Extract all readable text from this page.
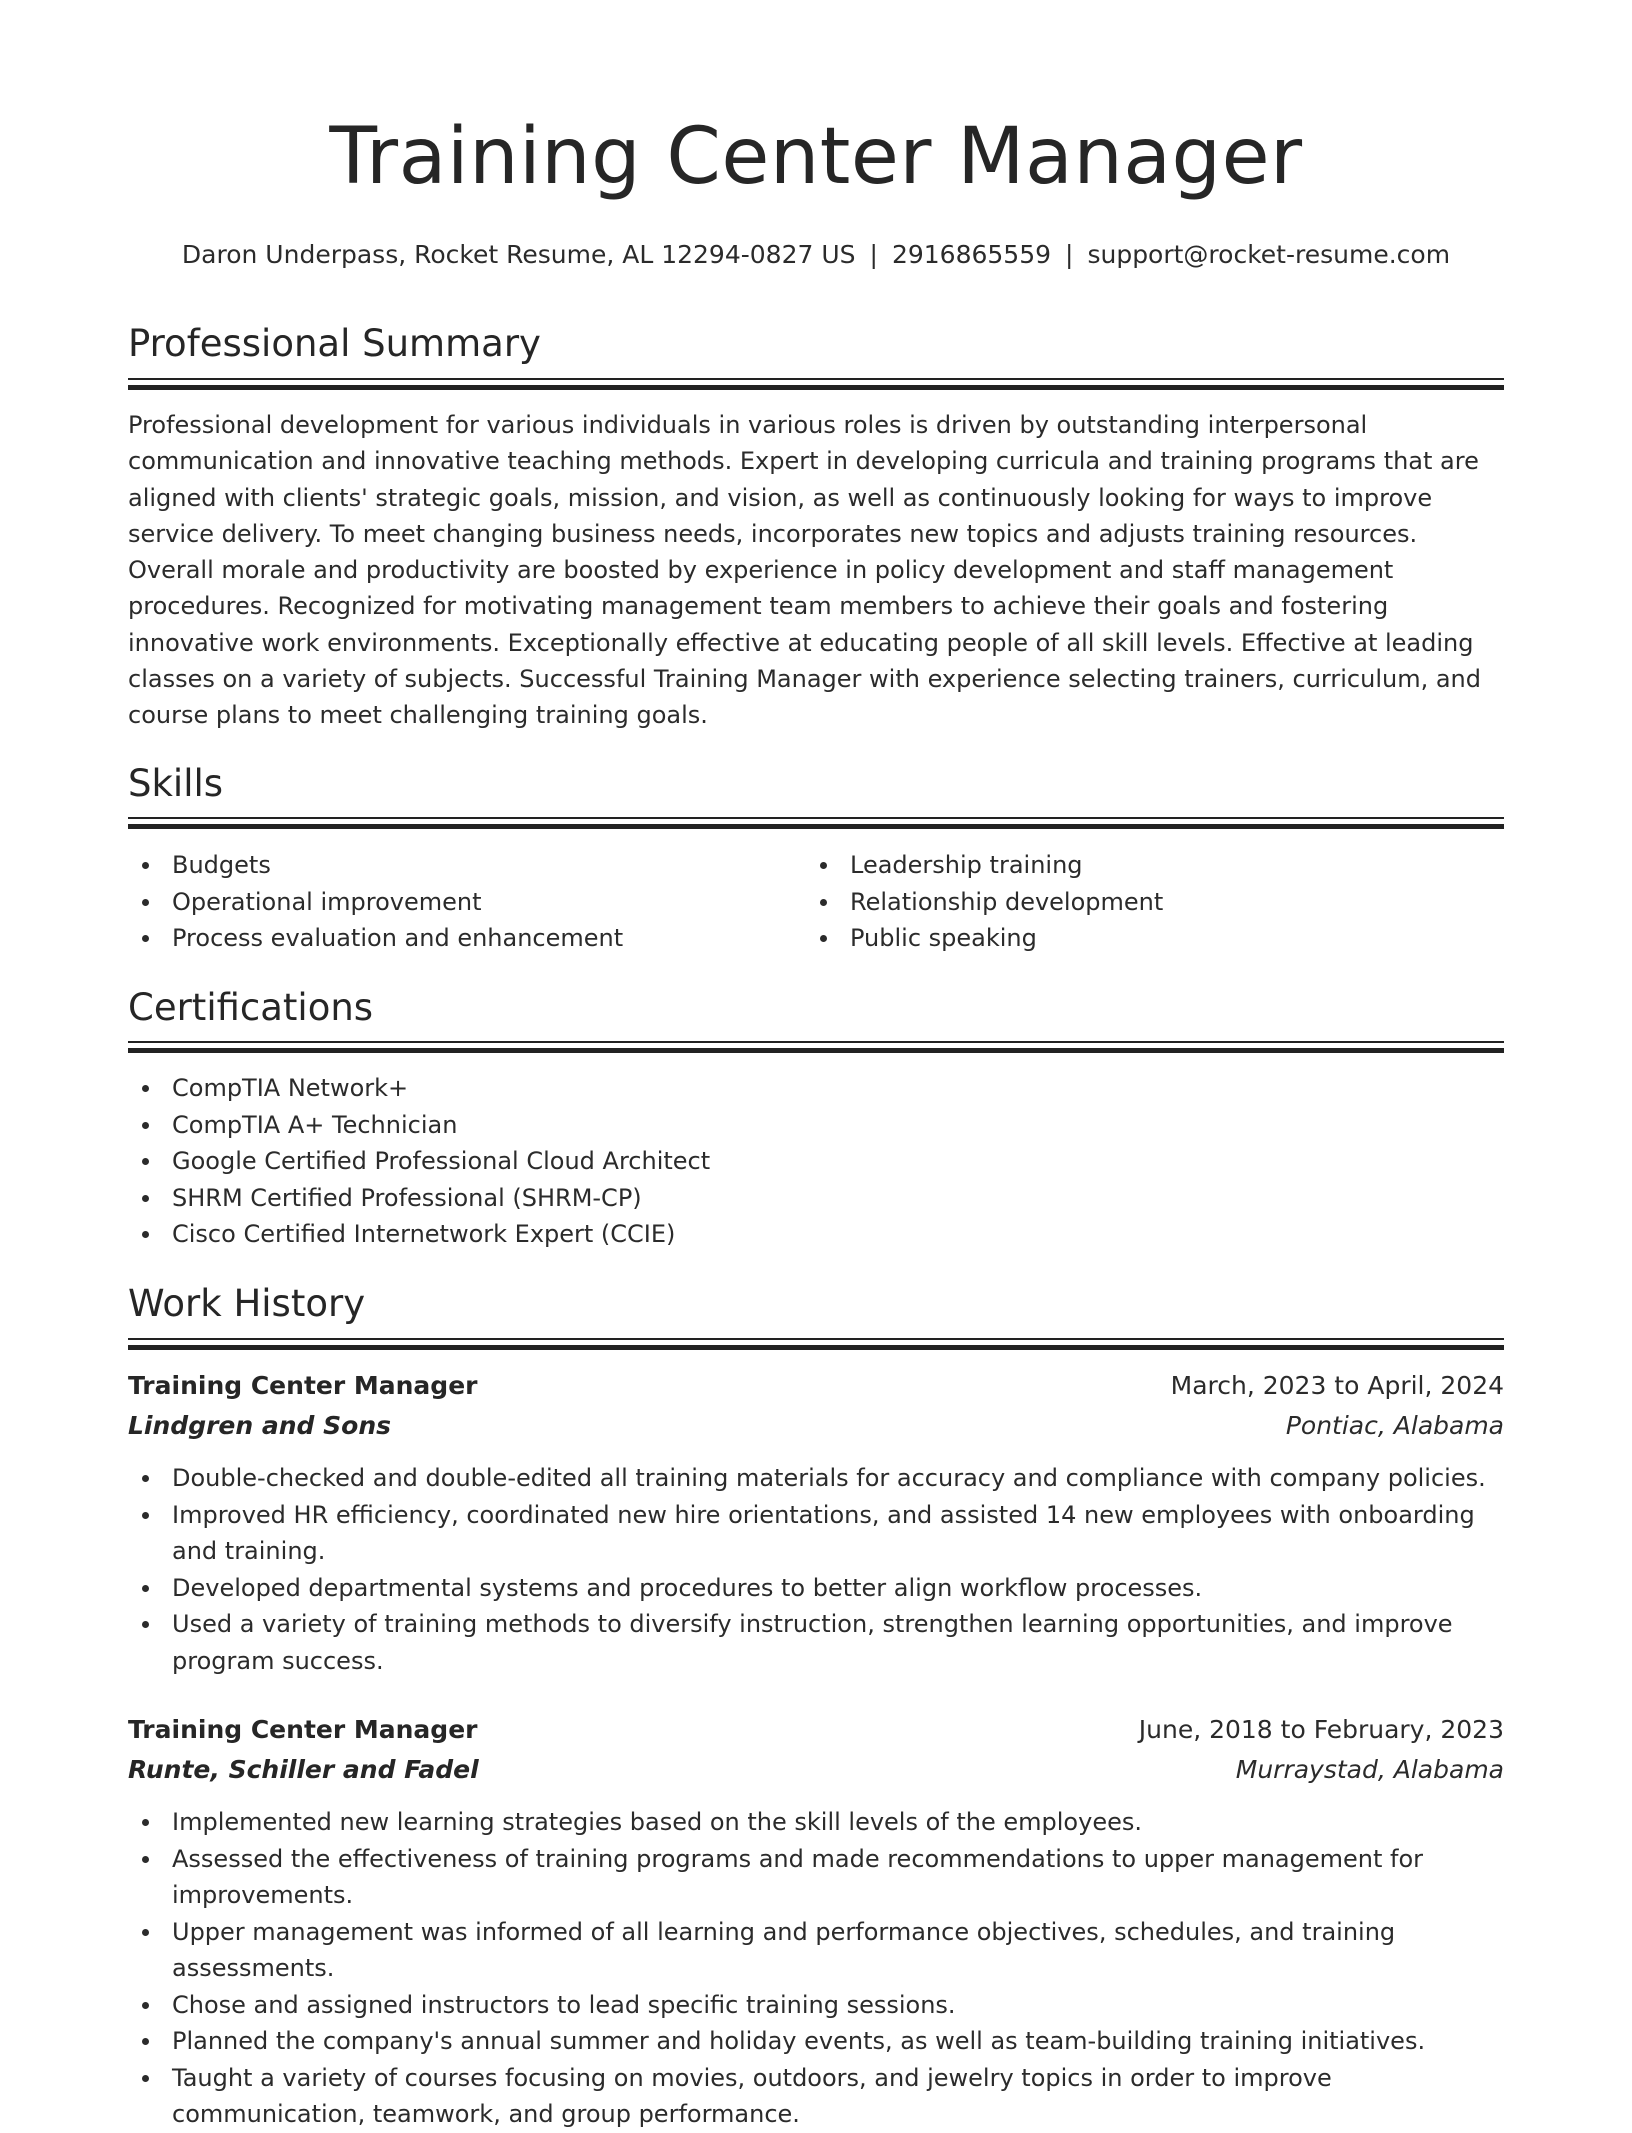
Training Center Manager
Daron Underpass, Rocket Resume, AL 12294-0827 US | 2916865559 | support@rocket-resume.com
Professional Summary

Professional development for various individuals in various roles is driven by outstanding interpersonal communication and innovative teaching methods. Expert in developing curricula and training programs that are aligned with clients' strategic goals, mission, and vision, as well as continuously looking for ways to improve service delivery. To meet changing business needs, incorporates new topics and adjusts training resources. Overall morale and productivity are boosted by experience in policy development and staff management procedures. Recognized for motivating management team members to achieve their goals and fostering innovative work environments. Exceptionally effective at educating people of all skill levels. Effective at leading classes on a variety of subjects. Successful Training Manager with experience selecting trainers, curriculum, and course plans to meet challenging training goals.

Skills
Budgets
Operational improvement
Process evaluation and enhancement
Leadership training
Relationship development
Public speaking
Certifications
CompTIA Network+
CompTIA A+ Technician
Google Certified Professional Cloud Architect
SHRM Certified Professional (SHRM-CP)
Cisco Certified Internetwork Expert (CCIE)
Work History
Training Center Manager	March, 2023 to April, 2024
Lindgren and Sons	Pontiac, Alabama
Double-checked and double-edited all training materials for accuracy and compliance with company policies.
Improved HR efficiency, coordinated new hire orientations, and assisted 14 new employees with onboarding and training.
Developed departmental systems and procedures to better align workflow processes.
Used a variety of training methods to diversify instruction, strengthen learning opportunities, and improve program success.
Training Center Manager	June, 2018 to February, 2023
Runte, Schiller and Fadel	Murraystad, Alabama
Implemented new learning strategies based on the skill levels of the employees.
Assessed the effectiveness of training programs and made recommendations to upper management for improvements.
Upper management was informed of all learning and performance objectives, schedules, and training assessments.
Chose and assigned instructors to lead specific training sessions.
Planned the company's annual summer and holiday events, as well as team-building training initiatives.
Taught a variety of courses focusing on movies, outdoors, and jewelry topics in order to improve communication, teamwork, and group performance.
